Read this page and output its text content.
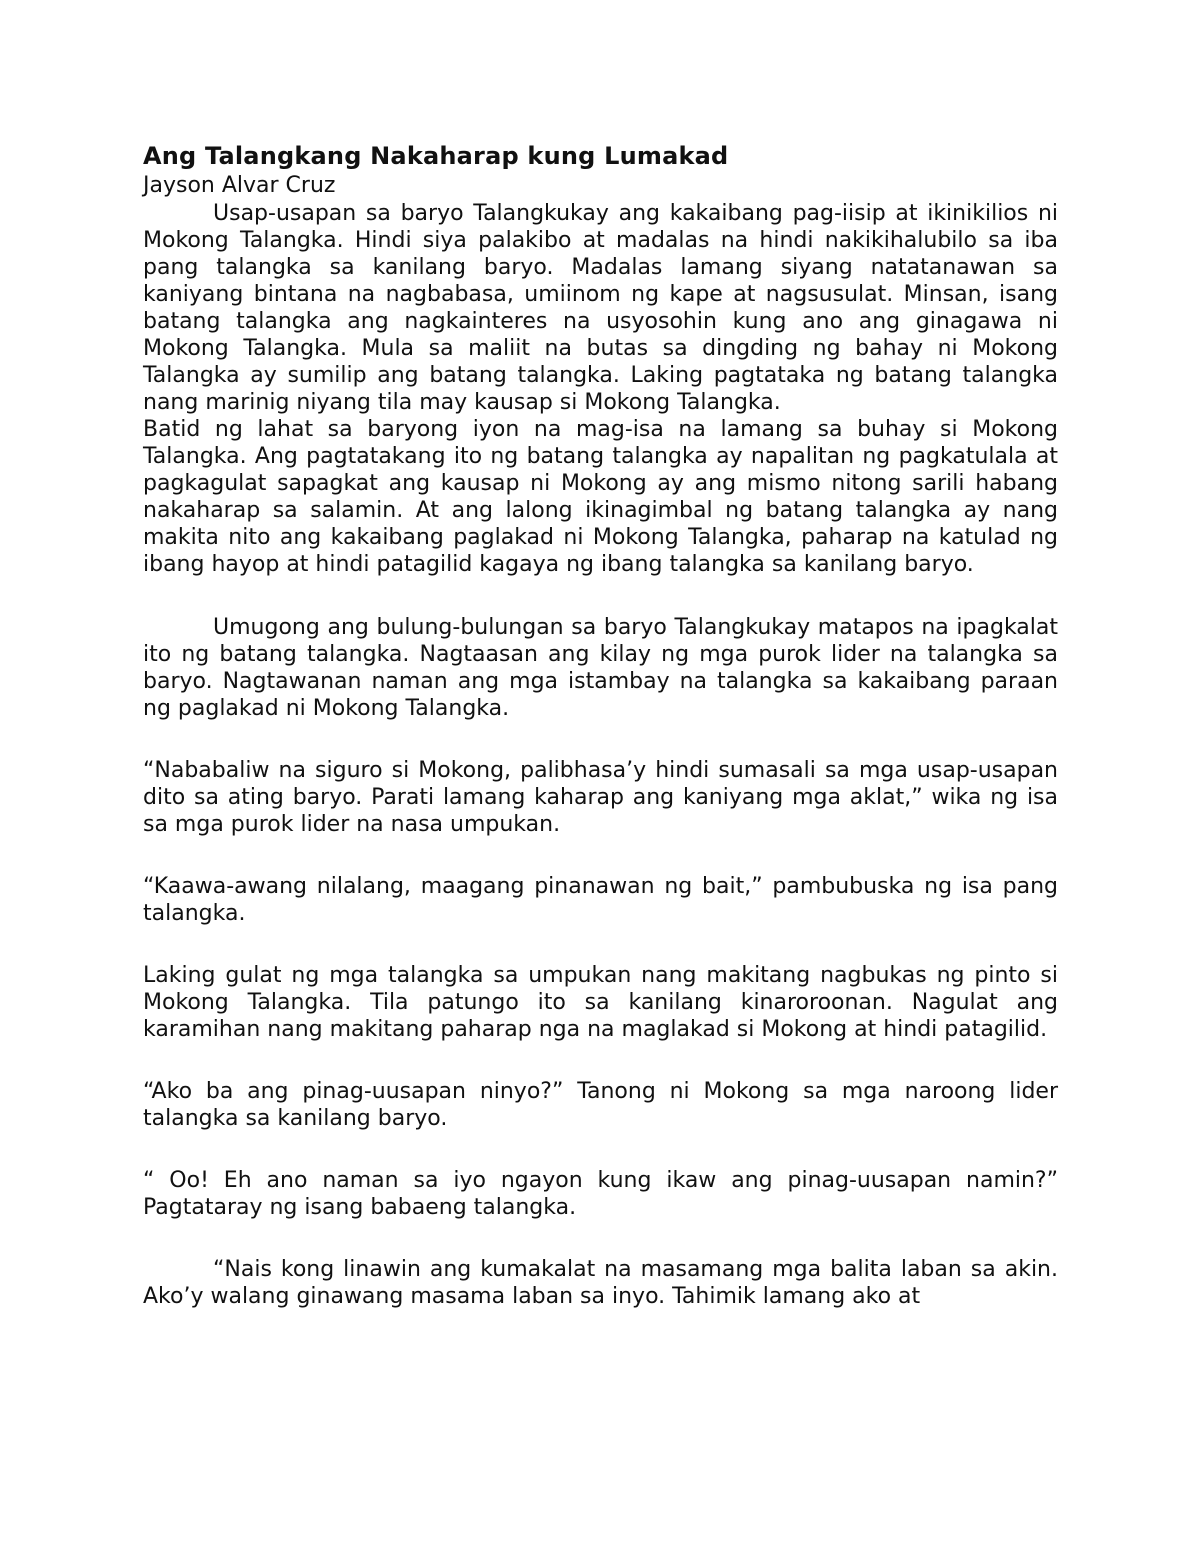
Ang Talangkang Nakaharap kung Lumakad

Jayson Alvar Cruz

Usap-usapan sa baryo Talangkukay ang kakaibang pag-iisip at ikinikilios ni Mokong Talangka. Hindi siya palakibo at madalas na hindi nakikihalubilo sa iba pang talangka sa kanilang baryo. Madalas lamang siyang natatanawan sa kaniyang bintana na nagbabasa, umiinom ng kape at nagsusulat. Minsan, isang batang talangka ang nagkainteres na usyosohin kung ano ang ginagawa ni Mokong Talangka. Mula sa maliit na butas sa dingding ng bahay ni Mokong Talangka ay sumilip ang batang talangka. Laking pagtataka ng batang talangka nang marinig niyang tila may kausap si Mokong Talangka.

Batid ng lahat sa baryong iyon na mag-isa na lamang sa buhay si Mokong Talangka. Ang pagtatakang ito ng batang talangka ay napalitan ng pagkatulala at pagkagulat sapagkat ang kausap ni Mokong ay ang mismo nitong sarili habang nakaharap sa salamin. At ang lalong ikinagimbal ng batang talangka ay nang makita nito ang kakaibang paglakad ni Mokong Talangka, paharap na katulad ng ibang hayop at hindi patagilid kagaya ng ibang talangka sa kanilang baryo.

Umugong ang bulung-bulungan sa baryo Talangkukay matapos na ipagkalat ito ng batang talangka. Nagtaasan ang kilay ng mga purok lider na talangka sa baryo. Nagtawanan naman ang mga istambay na talangka sa kakaibang paraan ng paglakad ni Mokong Talangka.

“Nababaliw na siguro si Mokong, palibhasa’y hindi sumasali sa mga usap-usapan dito sa ating baryo. Parati lamang kaharap ang kaniyang mga aklat,” wika ng isa sa mga purok lider na nasa umpukan.

“Kaawa-awang nilalang, maagang pinanawan ng bait,” pambubuska ng isa pang talangka.

Laking gulat ng mga talangka sa umpukan nang makitang nagbukas ng pinto si Mokong Talangka. Tila patungo ito sa kanilang kinaroroonan. Nagulat ang karamihan nang makitang paharap nga na maglakad si Mokong at hindi patagilid.

“Ako ba ang pinag-uusapan ninyo?” Tanong ni Mokong sa mga naroong lider talangka sa kanilang baryo.

“ Oo! Eh ano naman sa iyo ngayon kung ikaw ang pinag-uusapan namin?” Pagtataray ng isang babaeng talangka.

“Nais kong linawin ang kumakalat na masamang mga balita laban sa akin. Ako’y walang ginawang masama laban sa inyo. Tahimik lamang ako at
